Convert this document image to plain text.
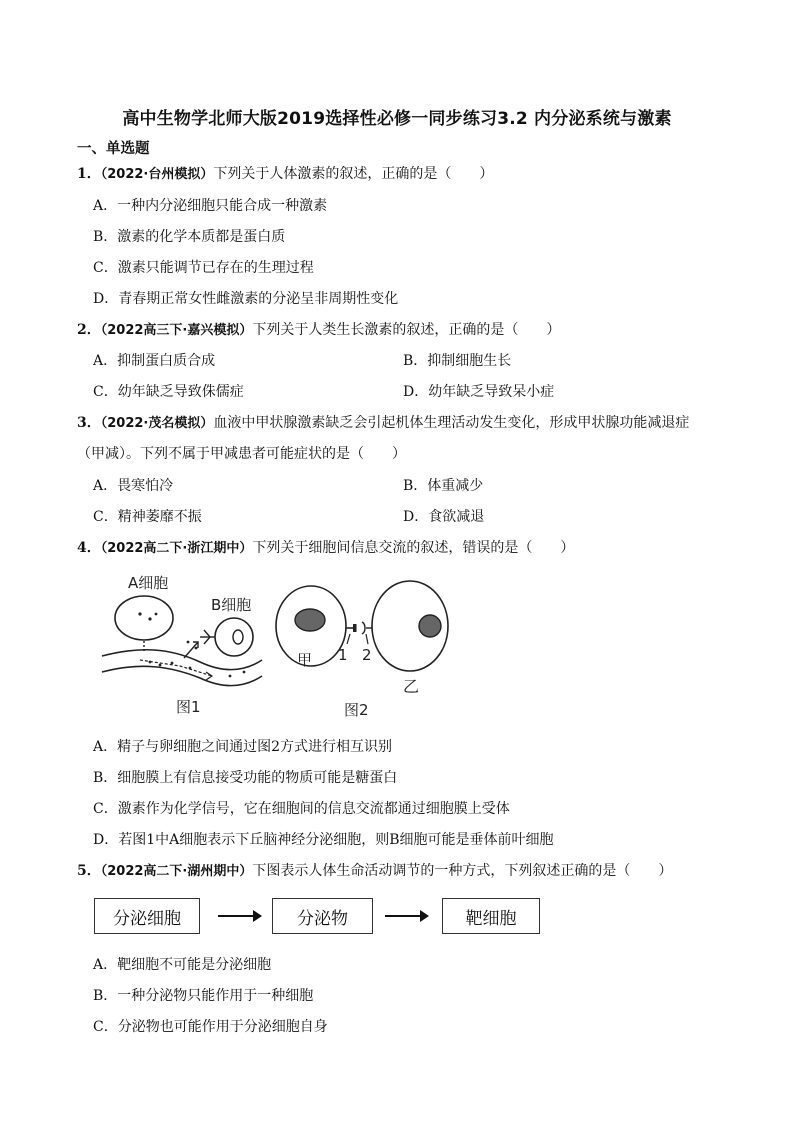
高中生物学北师大版2019选择性必修一同步练习3.2 内分泌系统与激素
一、单选题
1．（2022·台州模拟）下列关于人体激素的叙述，正确的是（　　）
A．一种内分泌细胞只能合成一种激素
B．激素的化学本质都是蛋白质
C．激素只能调节已存在的生理过程
D．青春期正常女性雌激素的分泌呈非周期性变化
2．（2022高三下·嘉兴模拟）下列关于人类生长激素的叙述，正确的是（　　）
A．抑制蛋白质合成	B．抑制细胞生长
C．幼年缺乏导致侏儒症	D．幼年缺乏导致呆小症
3．（2022·茂名模拟）血液中甲状腺激素缺乏会引起机体生理活动发生变化，形成甲状腺功能减退症
（甲减）。下列不属于甲减患者可能症状的是（　　）
A．畏寒怕冷	B．体重减少
C．精神萎靡不振	D．食欲减退
4．（2022高二下·浙江期中）下列关于细胞间信息交流的叙述，错误的是（　　）
A细胞
B细胞
图1
甲 1 2
乙
图2
A．精子与卵细胞之间通过图2方式进行相互识别
B．细胞膜上有信息接受功能的物质可能是糖蛋白
C．激素作为化学信号，它在细胞间的信息交流都通过细胞膜上受体
D．若图1中A细胞表示下丘脑神经分泌细胞，则B细胞可能是垂体前叶细胞
5．（2022高二下·湖州期中）下图表示人体生命活动调节的一种方式，下列叙述正确的是（　　）
分泌细胞	分泌物	靶细胞
A．靶细胞不可能是分泌细胞
B．一种分泌物只能作用于一种细胞
C．分泌物也可能作用于分泌细胞自身
